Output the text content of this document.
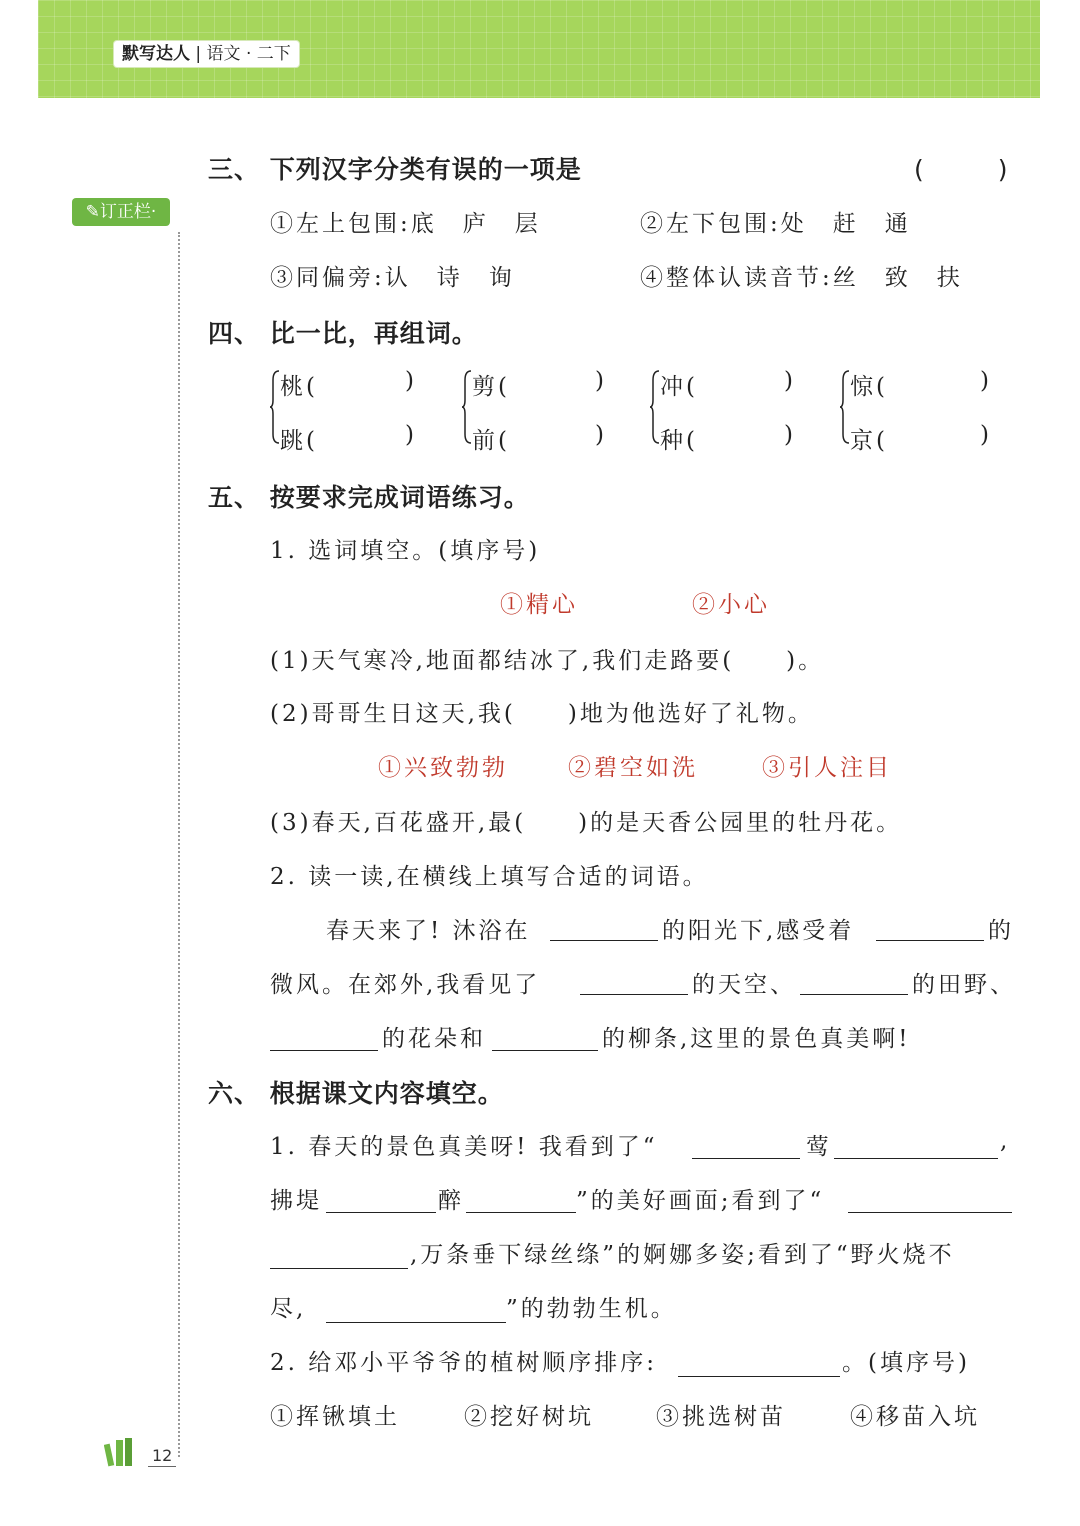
默写达人 | 语文 · 二下
✎订正栏·
三、 下列汉字分类有误的一项是	(　　)
①左上包围:底　庐　层	②左下包围:处　赶　通
③同偏旁:认　诗　询	④整体认读音节:丝　致　扶
四、 比一比，再组词。
桃(	)
跳(	)
剪(	)
前(	)
冲(	)
种(	)
惊(	)
京(	)
五、 按要求完成词语练习。
1. 选词填空。(填序号)
①精心	②小心
(1)天气寒冷,地面都结冰了,我们走路要(　　)。
(2)哥哥生日这天,我(　　)地为他选好了礼物。
①兴致勃勃	②碧空如洗	③引人注目
(3)春天,百花盛开,最(　　)的是天香公园里的牡丹花。
2. 读一读,在横线上填写合适的词语。
春天来了! 沐浴在	的阳光下,感受着	的
微风。在郊外,我看见了	的天空、	的田野、
的花朵和	的柳条,这里的景色真美啊!
六、 根据课文内容填空。
1. 春天的景色真美呀! 我看到了“	莺	,
拂堤	醉	”的美好画面;看到了“
,万条垂下绿丝绦”的婀娜多姿;看到了“野火烧不
尽,	”的勃勃生机。
2. 给邓小平爷爷的植树顺序排序:	。(填序号)
①挥锹填土	②挖好树坑	③挑选树苗	④移苗入坑
12
